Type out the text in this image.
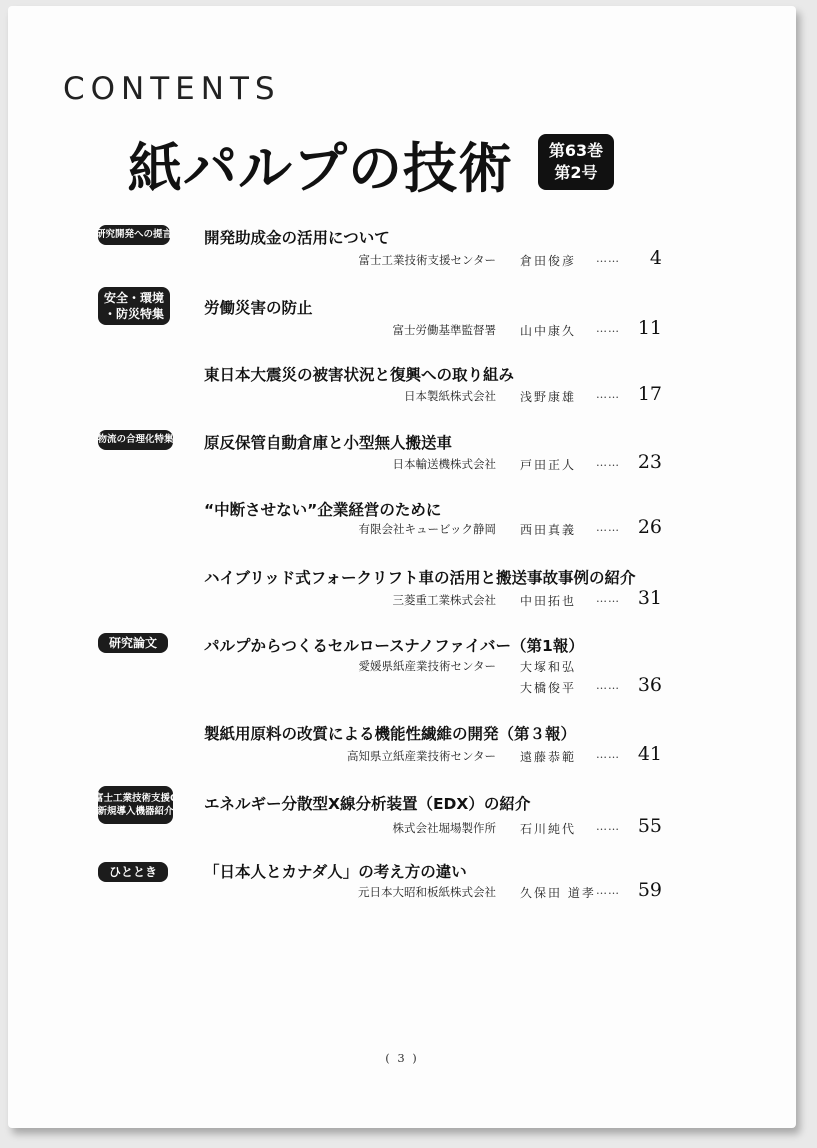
CONTENTS
紙パルプの技術 第63巻
第2号
研究開発への提言 開発助成金の活用について
富士工業技術支援センター 倉田俊彦 ……	4
安全・環境
・防災特集	労働災害の防止
富士労働基準監督署 山中康久 …… 11
東日本大震災の被害状況と復興への取り組み
日本製紙株式会社 浅野康雄 …… 17
物流の合理化特集 原反保管自動倉庫と小型無人搬送車
日本輸送機株式会社 戸田正人 …… 23
“中断させない”企業経営のために
有限会社キュービック静岡 西田真義 …… 26
ハイブリッド式フォークリフト車の活用と搬送事故事例の紹介
三菱重工業株式会社 中田拓也 …… 31
研究論文	パルプからつくるセルロースナノファイバー（第1報）
愛媛県紙産業技術センター 大塚和弘
大橋俊平 …… 36
製紙用原料の改質による機能性繊維の開発（第３報）
高知県立紙産業技術センター 遠藤恭範 …… 41
富士工業技術支援C
新規導入機器紹介 エネルギー分散型X線分析装置（EDX）の紹介
株式会社堀場製作所 石川純代 …… 55
ひととき	「日本人とカナダ人」の考え方の違い
元日本大昭和板紙株式会社 久保田 道孝 …… 59
( 3 )
